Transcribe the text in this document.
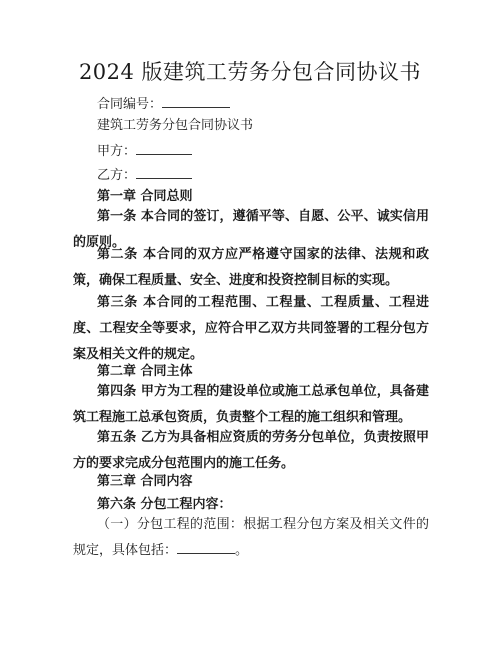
2024 版建筑工劳务分包合同协议书

合同编号：

建筑工劳务分包合同协议书

甲方：

乙方：

第一章 合同总则

第一条 本合同的签订，遵循平等、自愿、公平、诚实信用的原则。

第二条 本合同的双方应严格遵守国家的法律、法规和政策，确保工程质量、安全、进度和投资控制目标的实现。

第三条 本合同的工程范围、工程量、工程质量、工程进度、工程安全等要求，应符合甲乙双方共同签署的工程分包方案及相关文件的规定。

第二章 合同主体

第四条 甲方为工程的建设单位或施工总承包单位，具备建筑工程施工总承包资质，负责整个工程的施工组织和管理。

第五条 乙方为具备相应资质的劳务分包单位，负责按照甲方的要求完成分包范围内的施工任务。

第三章 合同内容

第六条 分包工程内容：

（一）分包工程的范围：根据工程分包方案及相关文件的规定，具体包括：	。
